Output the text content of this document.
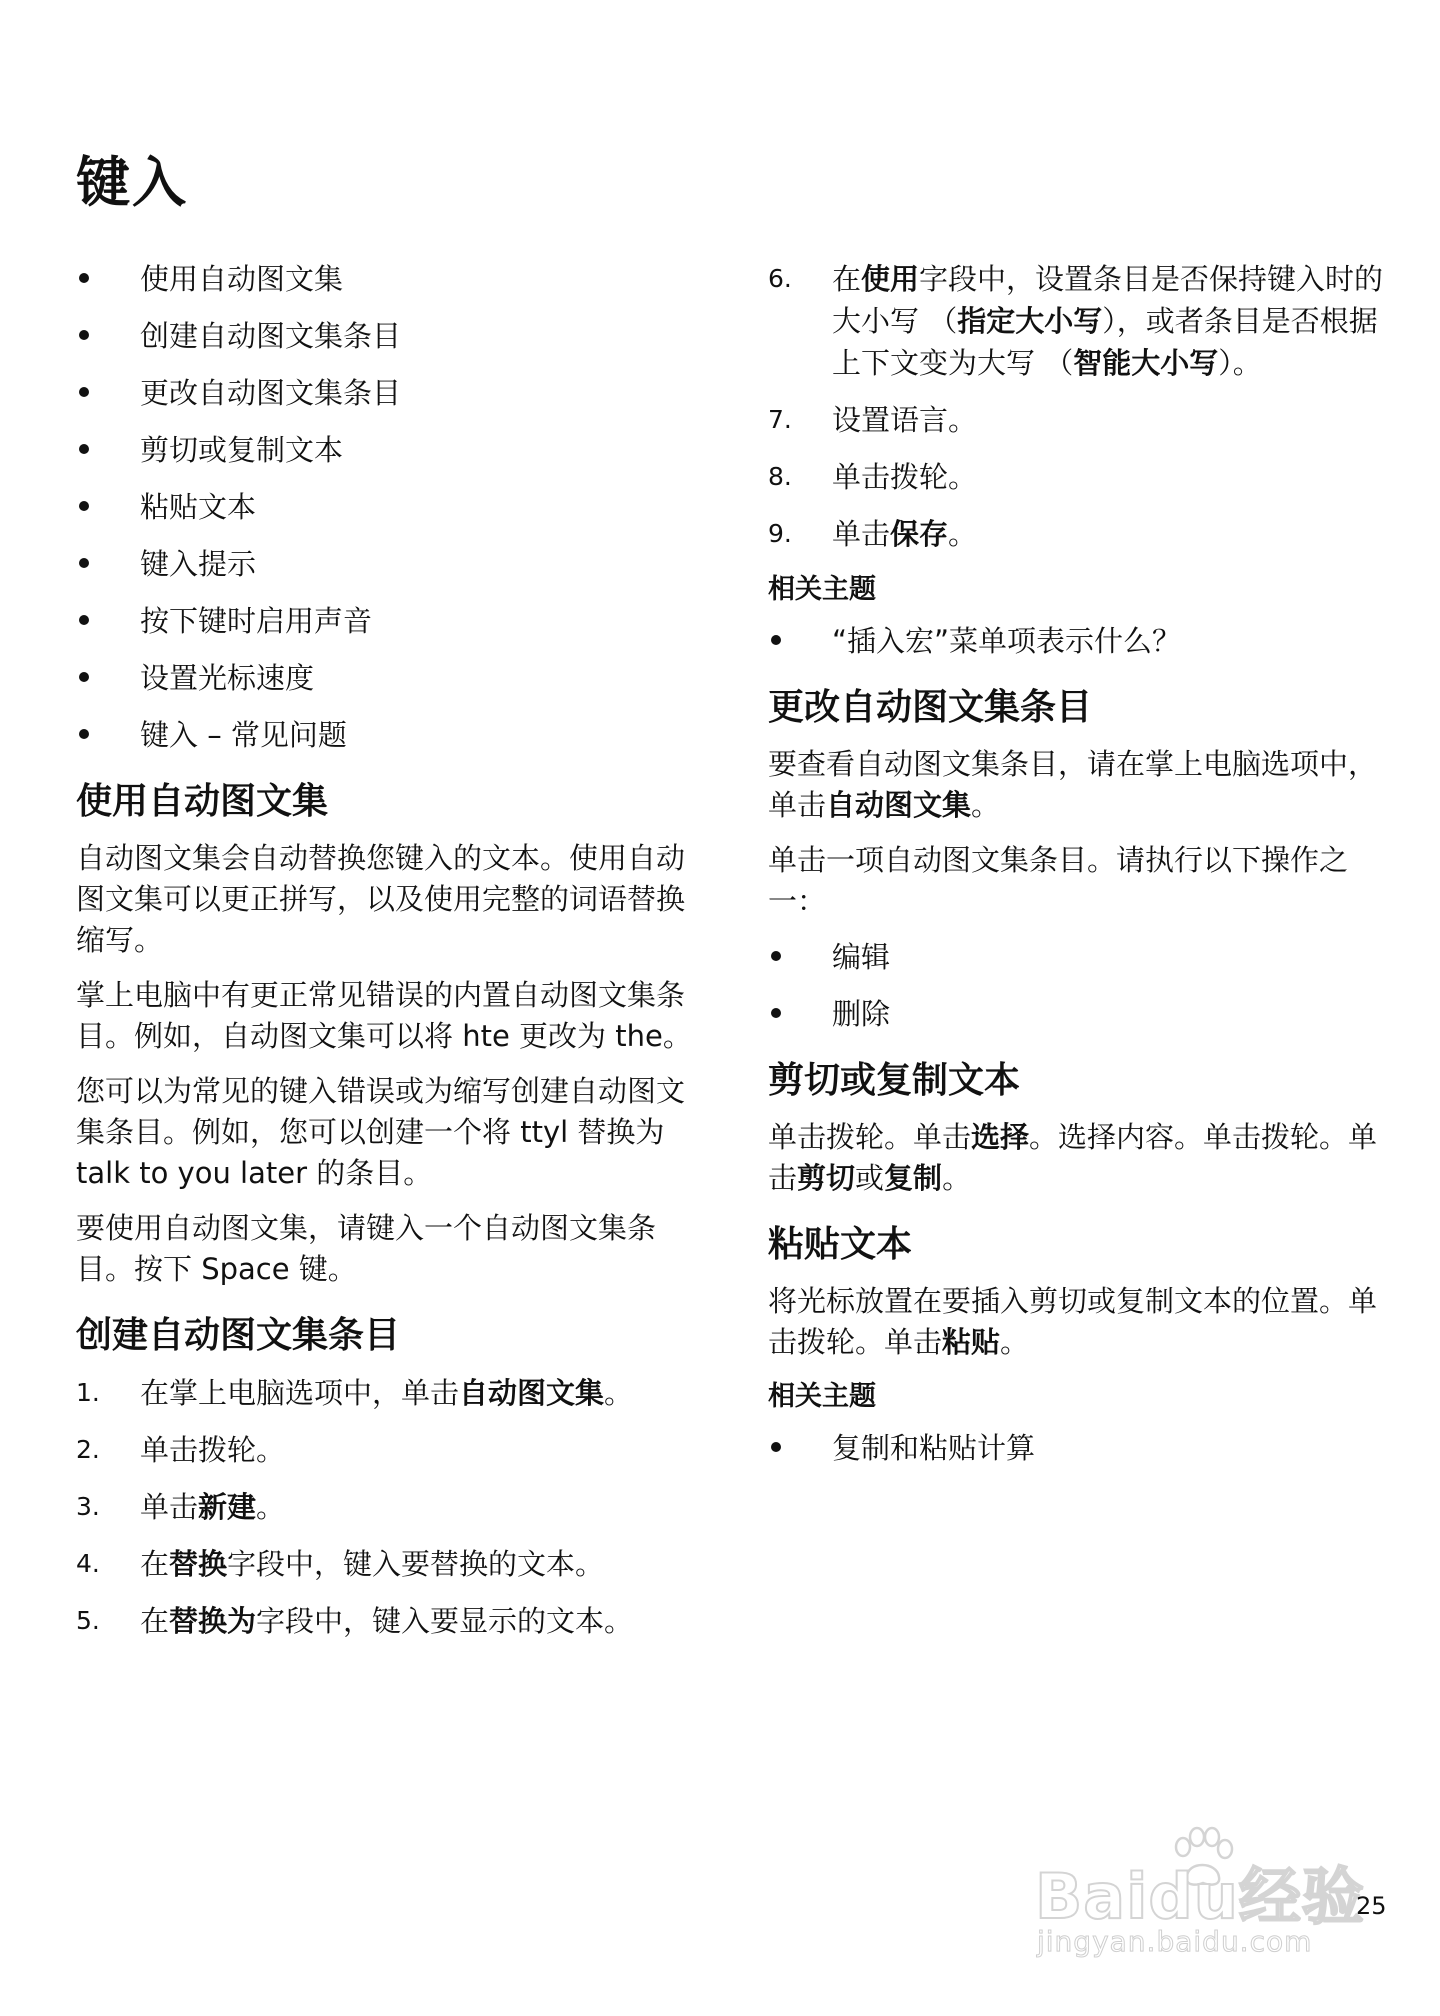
键入
使用自动图文集
创建自动图文集条目
更改自动图文集条目
剪切或复制文本
粘贴文本
键入提示
按下键时启用声音
设置光标速度
键入 – 常见问题
使用自动图文集
自动图文集会自动替换您键入的文本。使用自动图文集可以更正拼写，以及使用完整的词语替换缩写。
掌上电脑中有更正常见错误的内置自动图文集条目。例如，自动图文集可以将 hte 更改为 the。
您可以为常见的键入错误或为缩写创建自动图文集条目。例如，您可以创建一个将 ttyl 替换为 talk to you later 的条目。
要使用自动图文集，请键入一个自动图文集条目。按下 Space 键。
创建自动图文集条目
1.	在掌上电脑选项中，单击自动图文集。
2.	单击拨轮。
3.	单击新建。
4.	在替换字段中，键入要替换的文本。
5.	在替换为字段中，键入要显示的文本。
6.	在使用字段中，设置条目是否保持键入时的大小写 （指定大小写），或者条目是否根据上下文变为大写 （智能大小写）。
7.	设置语言。
8.	单击拨轮。
9.	单击保存。
相关主题
“插入宏”菜单项表示什么？
更改自动图文集条目
要查看自动图文集条目，请在掌上电脑选项中，单击自动图文集。
单击一项自动图文集条目。请执行以下操作之一：
编辑
删除
剪切或复制文本
单击拨轮。单击选择。选择内容。单击拨轮。单击剪切或复制。
粘贴文本
将光标放置在要插入剪切或复制文本的位置。单击拨轮。单击粘贴。
相关主题
复制和粘贴计算
Baidu经验
jingyan.baidu.com
25
